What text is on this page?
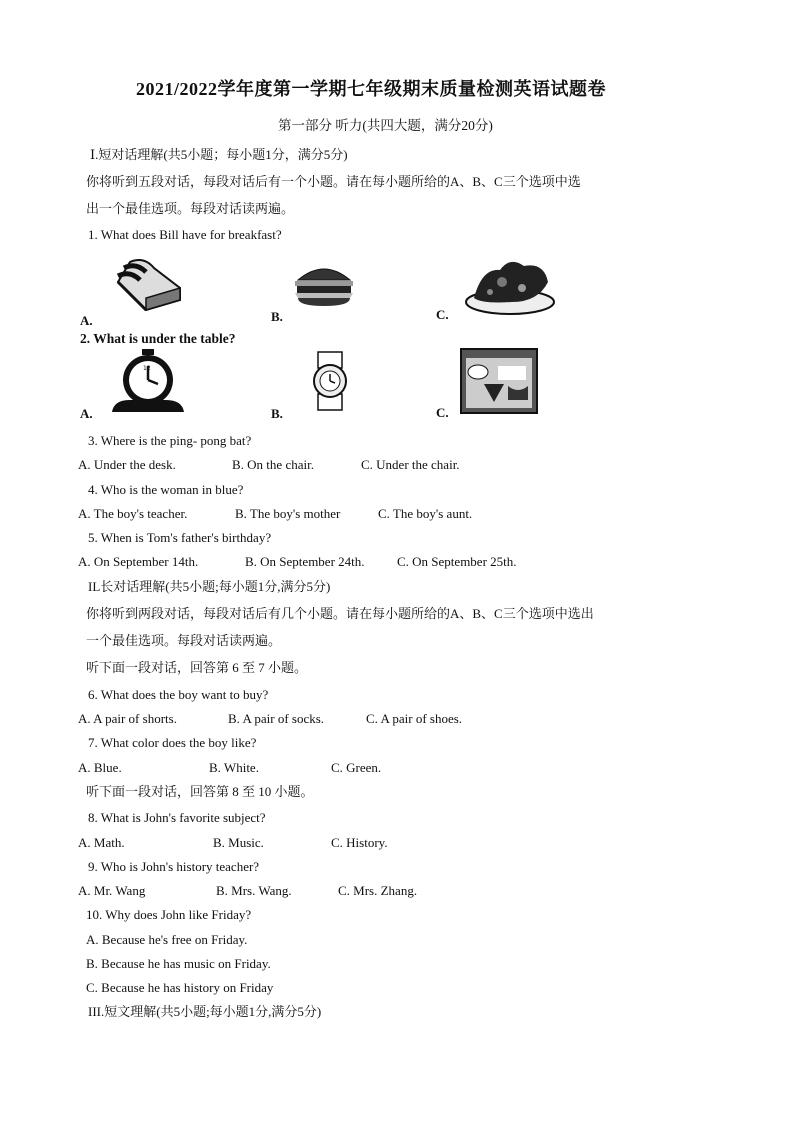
2021/2022学年度第一学期七年级期末质量检测英语试题卷
第一部分 听力(共四大题，满分20分)
Ⅰ.短对话理解(共5小题；每小题1分，满分5分)
你将听到五段对话，每段对话后有一个小题。请在每小题所给的A、B、C三个选项中选
出一个最佳选项。每段对话读两遍。
1. What does Bill have for breakfast?
A.	B.	C.
2. What is under the table?
12
A.	B.	C.
3. Where is the ping- pong bat?
A. Under the desk.	B. On the chair.	C. Under the chair.
4. Who is the woman in blue?
A. The boy's teacher.	B. The boy's mother	C. The boy's aunt.
5. When is Tom's father's birthday?
A. On September 14th.	B. On September 24th. C. On September 25th.
IL长对话理解(共5小题;每小题1分,满分5分)
你将听到两段对话，每段对话后有几个小题。请在每小题所给的A、B、C三个选项中选出
一个最佳选项。每段对话读两遍。
听下面一段对话，回答第 6 至 7 小题。
6. What does the boy want to buy?
A. A pair of shorts.	B. A pair of socks.	C. A pair of shoes.
7. What color does the boy like?
A. Blue.	B. White.	C. Green.
听下面一段对话，回答第 8 至 10 小题。
8. What is John's favorite subject?
A. Math.	B. Music.	C. History.
9. Who is John's history teacher?
A. Mr. Wang	B. Mrs. Wang.	C. Mrs. Zhang.
10. Why does John like Friday?
A. Because he's free on Friday.
B. Because he has music on Friday.
C. Because he has history on Friday
III.短文理解(共5小题;每小题1分,满分5分)
